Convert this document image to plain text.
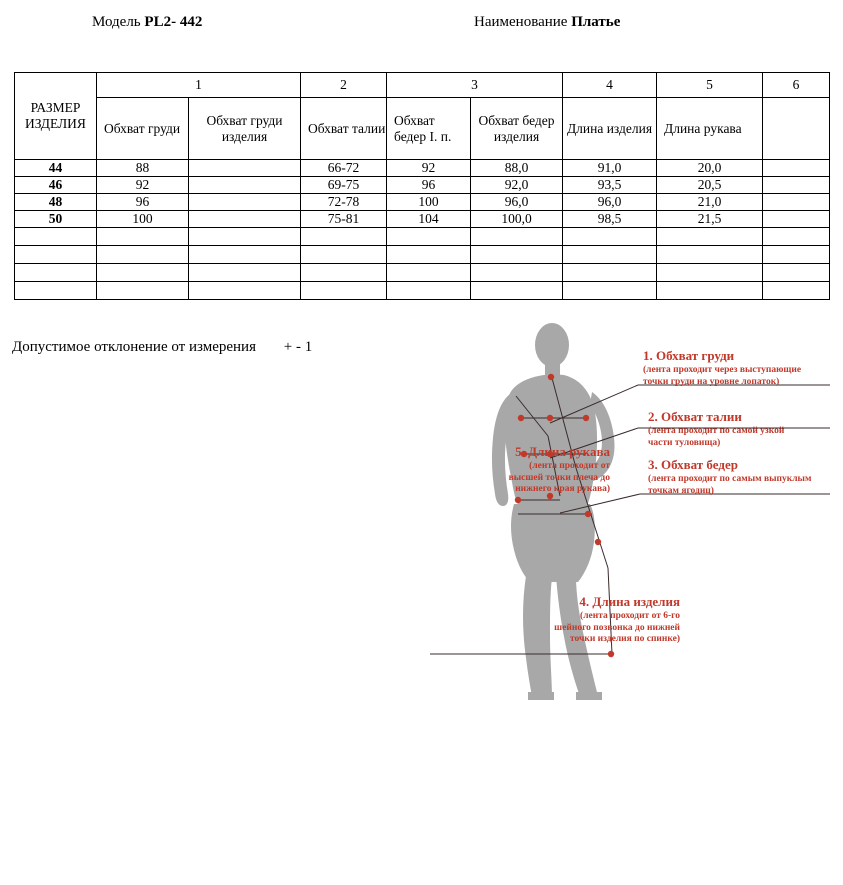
Модель PL2- 442	Наименование Платье
РАЗМЕР ИЗДЕЛИЯ	1		2	3		4	5	6
	Обхват груди	Обхват груди изделия	Обхват талии	Обхват бедер I. п.	Обхват бедер изделия	Длина изделия	Длина рукава	
44	88		66-72	92	88,0	91,0	20,0	
46	92		69-75	96	92,0	93,5	20,5	
48	96		72-78	100	96,0	96,0	21,0	
50	100		75-81	104	100,0	98,5	21,5	

Допустимое отклонение от измерения + - 1
1. Обхват груди
(лента проходит через выступающие
точки груди на уровне лопаток)
2. Обхват талии
(лента проходит по самой узкой
части туловища)
3. Обхват бедер
(лента проходит по самым выпуклым
точкам ягодиц)
5. Длина рукава
(лента проходит от
высшей точки плеча до
нижнего края рукава)
4. Длина изделия
(лента проходит от 6-го
шейного позвонка до нижней
точки изделия по спинке)
